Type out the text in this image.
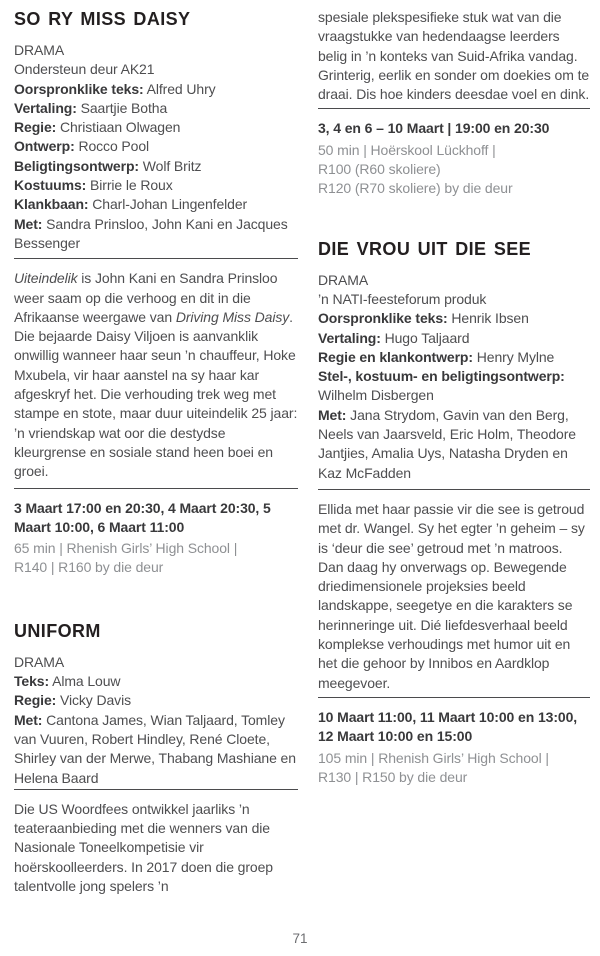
SO RY MISS DAISY
DRAMA
Ondersteun deur AK21
Oorspronklike teks: Alfred Uhry
Vertaling: Saartjie Botha
Regie: Christiaan Olwagen
Ontwerp: Rocco Pool
Beligtingsontwerp: Wolf Britz
Kostuums: Birrie le Roux
Klankbaan: Charl-Johan Lingenfelder
Met: Sandra Prinsloo, John Kani en Jacques Bessenger

Uiteindelik is John Kani en Sandra Prinsloo weer saam op die verhoog en dit in die Afrikaanse weergawe van Driving Miss Daisy. Die bejaarde Daisy Viljoen is aanvanklik onwillig wanneer haar seun ’n chauffeur, Hoke Mxubela, vir haar aanstel na sy haar kar afgeskryf het. Die verhouding trek weg met stampe en stote, maar duur uiteindelik 25 jaar: ’n vriendskap wat oor die destydse kleurgrense en sosiale stand heen boei en groei.

3 Maart 17:00 en 20:30, 4 Maart 20:30, 5 Maart 10:00, 6 Maart 11:00

65 min | Rhenish Girls’ High School |
R140 | R160 by die deur
UNIFORM
DRAMA
Teks: Alma Louw
Regie: Vicky Davis
Met: Cantona James, Wian Taljaard, Tomley van Vuuren, Robert Hindley, René Cloete, Shirley van der Merwe, Thabang Mashiane en Helena Baard

Die US Woordfees ontwikkel jaarliks ’n teateraanbieding met die wenners van die Nasionale Toneelkompetisie vir hoërskoolleerders. In 2017 doen die groep talentvolle jong spelers ’n

spesiale plekspesifieke stuk wat van die vraagstukke van hedendaagse leerders belig in ’n konteks van Suid-Afrika vandag. Grinterig, eerlik en sonder om doekies om te draai. Dis hoe kinders deesdae voel en dink.

3, 4 en 6 – 10 Maart | 19:00 en 20:30

50 min | Hoërskool Lückhoff |
R100 (R60 skoliere)
R120 (R70 skoliere) by die deur
DIE VROU UIT DIE SEE
DRAMA
’n NATI-feesteforum produk
Oorspronklike teks: Henrik Ibsen
Vertaling: Hugo Taljaard
Regie en klankontwerp: Henry Mylne
Stel-, kostuum- en beligtingsontwerp: Wilhelm Disbergen
Met: Jana Strydom, Gavin van den Berg, Neels van Jaarsveld, Eric Holm, Theodore Jantjies, Amalia Uys, Natasha Dryden en Kaz McFadden

Ellida met haar passie vir die see is getroud met dr. Wangel. Sy het egter ’n geheim – sy is ‘deur die see’ getroud met ’n matroos. Dan daag hy onverwags op. Bewegende driedimensionele projeksies beeld landskappe, seegetye en die karakters se herinneringe uit. Dié liefdesverhaal beeld komplekse verhoudings met humor uit en het die gehoor by Innibos en Aardklop meegevoer.

10 Maart 11:00, 11 Maart 10:00 en 13:00, 12 Maart 10:00 en 15:00

105 min | Rhenish Girls’ High School |
R130 | R150 by die deur
71
